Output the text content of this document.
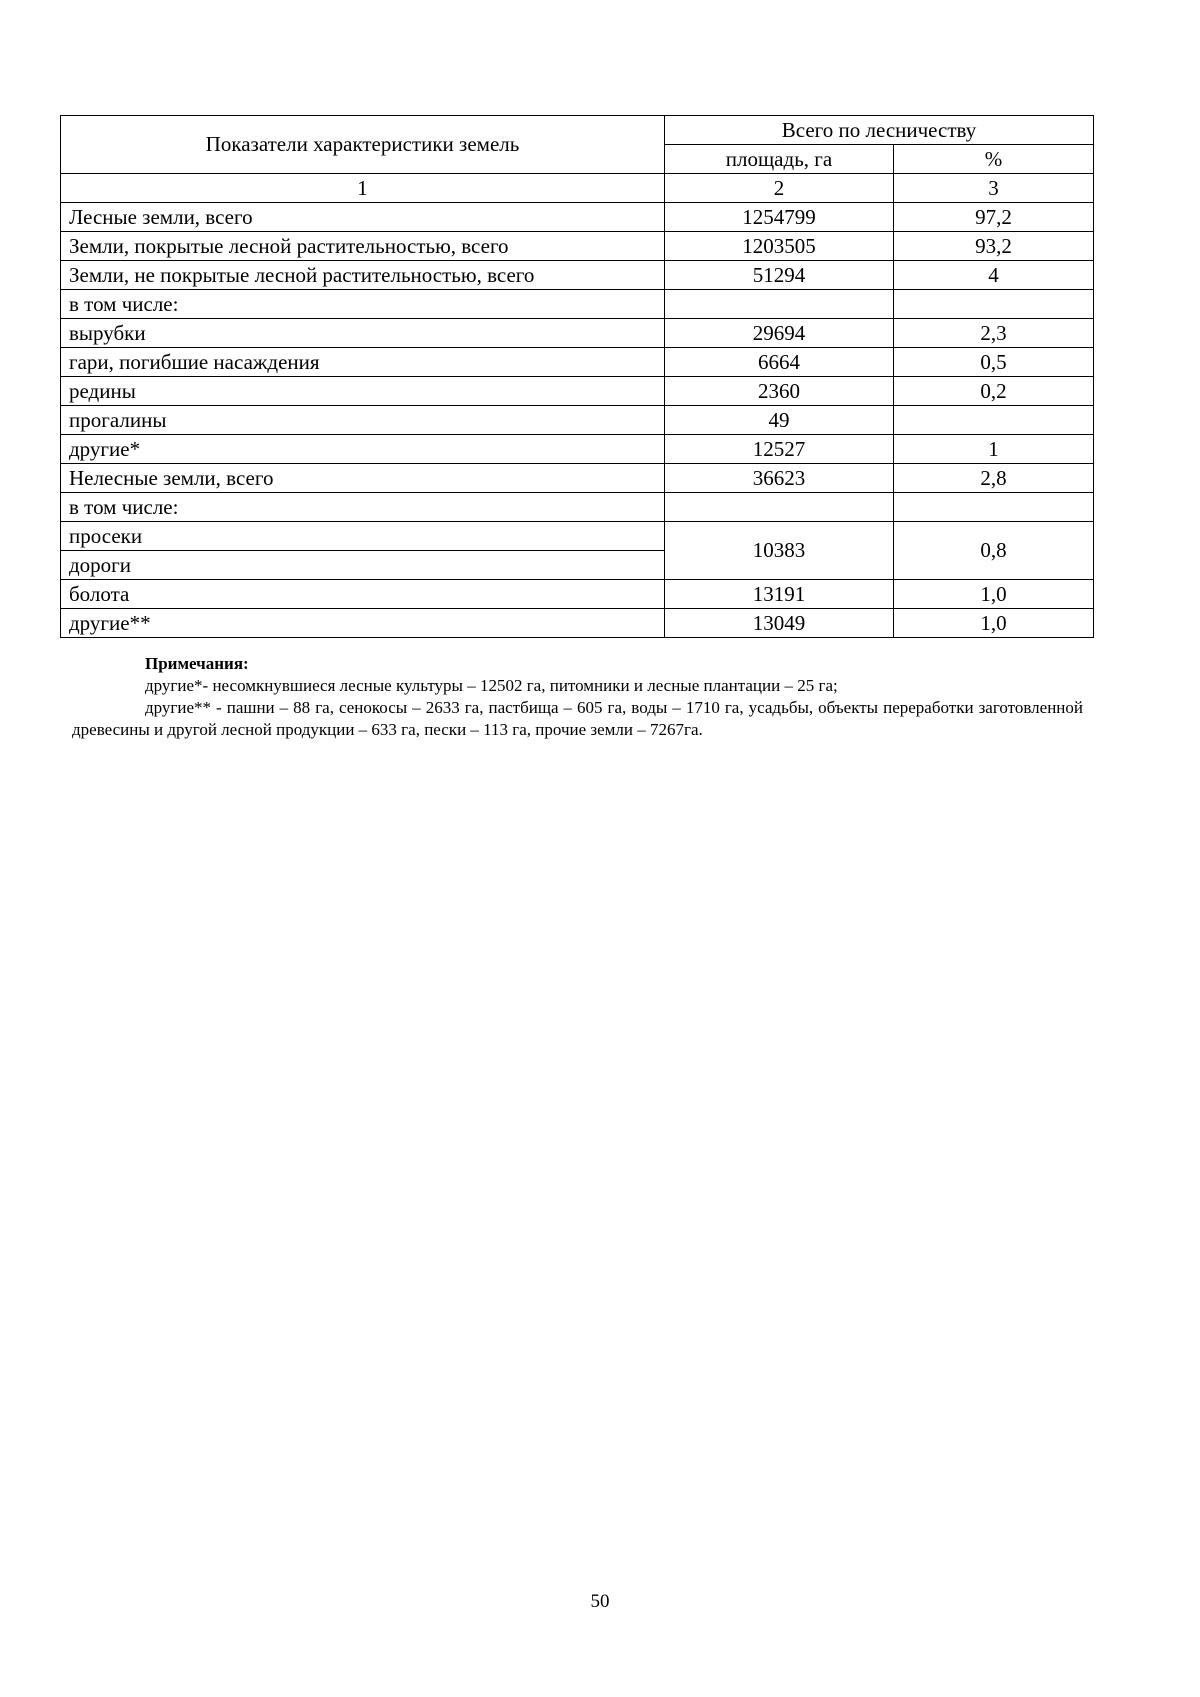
Показатели характеристики земель	Всего по лесничеству	
	площадь, га	%
1	2	3
Лесные земли, всего	1254799	97,2
Земли, покрытые лесной растительностью, всего	1203505	93,2
Земли, не покрытые лесной растительностью, всего	51294	4
в том числе:		
вырубки	29694	2,3
гари, погибшие насаждения	6664	0,5
редины	2360	0,2
прогалины	49	
другие*	12527	1
Нелесные земли, всего	36623	2,8
в том числе:		
просеки	10383	0,8
дороги		
болота	13191	1,0
другие**	13049	1,0
Примечания:
другие*- несомкнувшиеся лесные культуры – 12502 га, питомники и лесные плантации – 25 га;
другие** - пашни – 88 га, сенокосы – 2633 га, пастбища – 605 га, воды – 1710 га, усадьбы, объекты переработки заготовленной древесины и другой лесной продукции – 633 га, пески – 113 га, прочие земли – 7267га.
50
